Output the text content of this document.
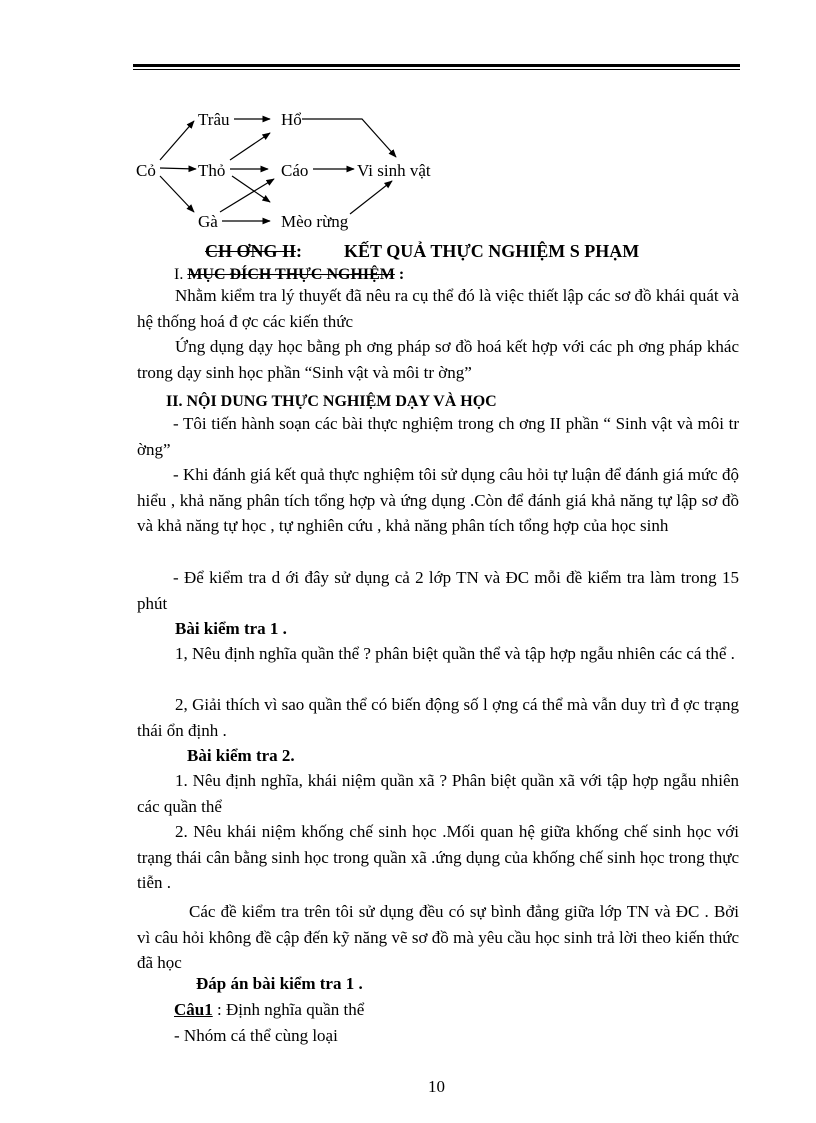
Trâu	Hổ
Cỏ Thỏ	Cáo	Vi sinh vật
Gà	Mèo rừng
CH ƠNG II: KẾT QUẢ THỰC NGHIỆM S PHẠM
I. MỤC ĐÍCH THỰC NGHIỆM :
Nhằm kiểm tra lý thuyết đã nêu ra cụ thể đó là việc thiết lập các sơ đồ khái quát và hệ thống hoá đ ợc các kiến thức
Ứng dụng dạy học bằng ph ơng pháp sơ đồ hoá kết hợp với các ph ơng pháp khác trong dạy sinh học phần “Sinh vật và môi tr ờng”
II. NỘI DUNG THỰC NGHIỆM DẠY VÀ HỌC
- Tôi tiến hành soạn các bài thực nghiệm trong ch ơng II phần “ Sinh vật và môi tr ờng”
- Khi đánh giá kết quả thực nghiệm tôi sử dụng câu hỏi tự luận để đánh giá mức độ hiểu , khả năng phân tích tổng hợp và ứng dụng .Còn để đánh giá khả năng tự lập sơ đồ và khả năng tự học , tự nghiên cứu , khả năng phân tích tổng hợp của học sinh
- Để kiểm tra d ới đây sử dụng cả 2 lớp TN và ĐC mỗi đề kiểm tra làm trong 15 phút
Bài kiểm tra 1 .
1, Nêu định nghĩa quần thể ? phân biệt quần thể và tập hợp ngẫu nhiên các cá thể .
2, Giải thích vì sao quần thể có biến động số l ợng cá thể mà vẫn duy trì đ ợc trạng thái ổn định .
Bài kiểm tra 2.
1. Nêu định nghĩa, khái niệm quần xã ? Phân biệt quần xã với tập hợp ngẫu nhiên các quần thể
2. Nêu khái niệm khống chế sinh học .Mối quan hệ giữa khống chế sinh học với trạng thái cân bằng sinh học trong quần xã .ứng dụng của khống chế sinh học trong thực tiễn .
Các đề kiểm tra trên tôi sử dụng đều có sự bình đẳng giữa lớp TN và ĐC . Bởi vì câu hỏi không đề cập đến kỹ năng vẽ sơ đồ mà yêu cầu học sinh trả lời theo kiến thức đã học
Đáp án bài kiểm tra 1 .
Câu1 : Định nghĩa quần thể
- Nhóm cá thể cùng loại
10
